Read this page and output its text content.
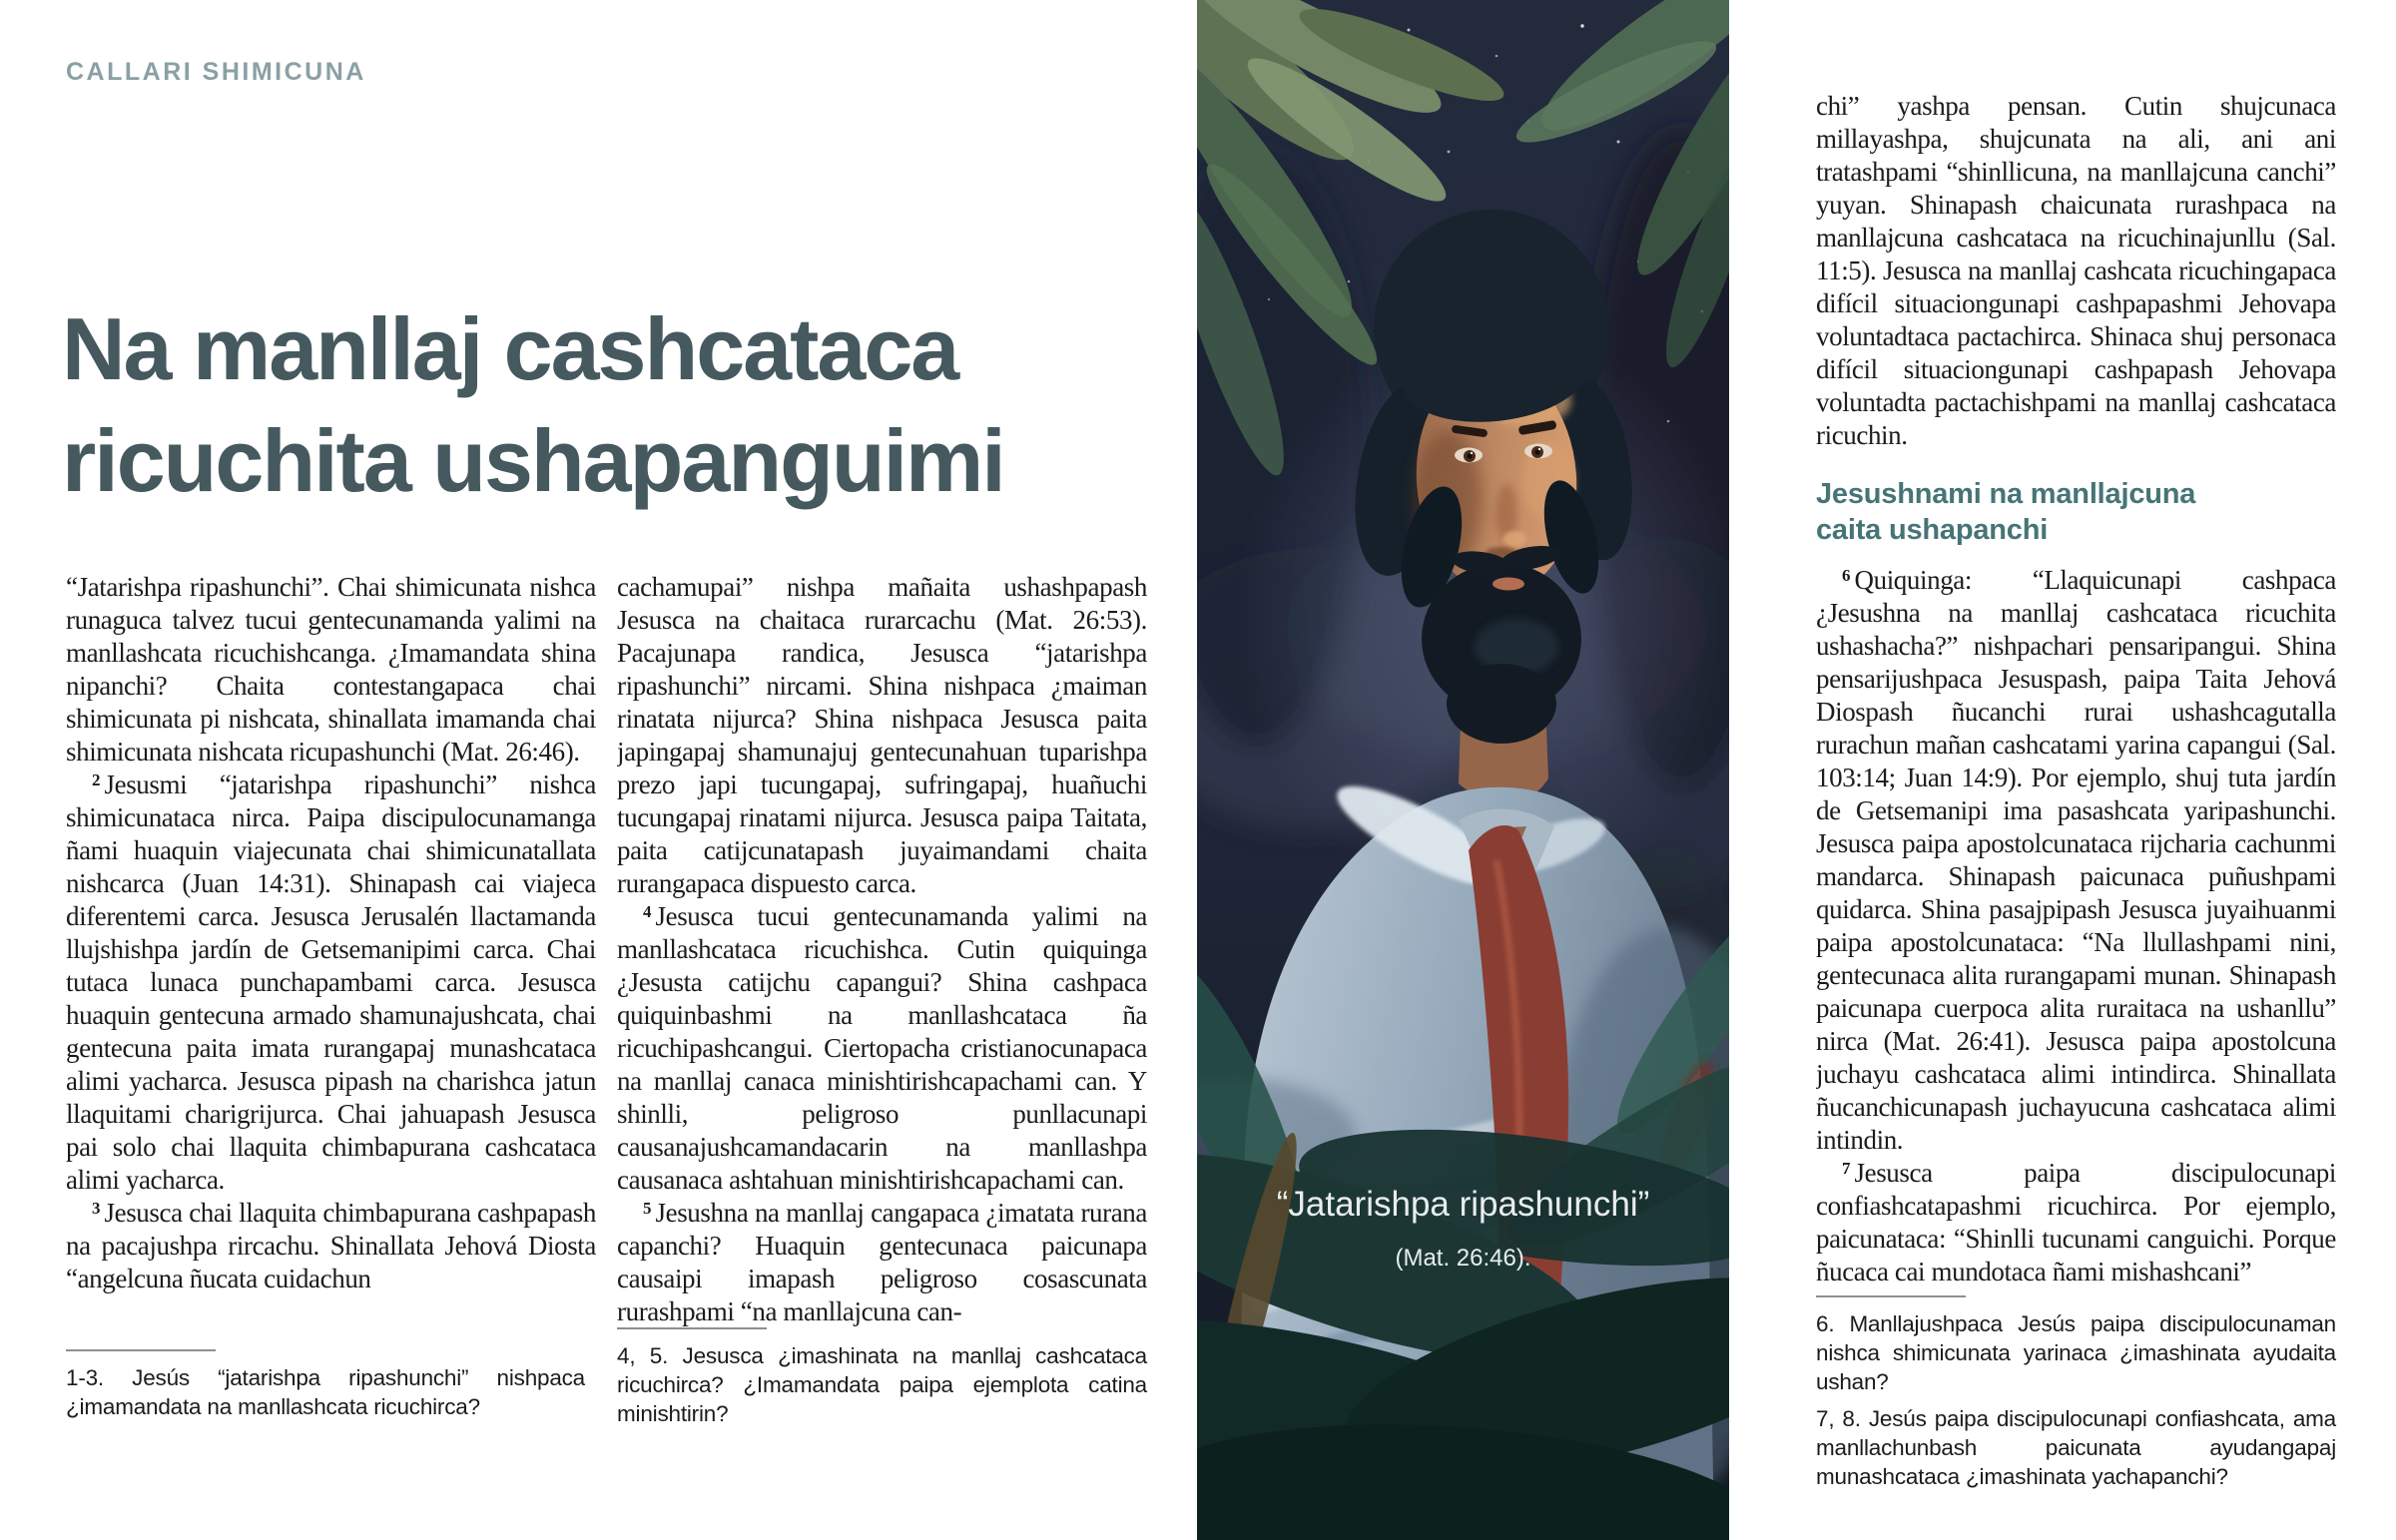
CALLARI SHIMICUNA
Na manllaj cashcataca
ricuchita ushapanguimi

“Jatarishpa ripashunchi”. Chai shimicunata nishca runaguca talvez tucui gentecunamanda yalimi na manllashcata ricuchishcanga. ¿Imamandata shina nipanchi? Chaita contestangapaca chai shimicunata pi nishcata, shinallata imamanda chai shimicunata nishcata ricupashunchi (Mat. 26:46).

$^2$ Jesusmi “jatarishpa ripashunchi” nishca shimicunataca nirca. Paipa discipulocunamanga ñami huaquin viajecunata chai shimicunatallata nishcarca (Juan 14:31). Shinapash cai viajeca diferentemi carca. Jesusca Jerusalén llactamanda llujshishpa jardín de Getsemanipimi carca. Chai tutaca lunaca punchapambami carca. Jesusca huaquin gentecuna armado shamunajushcata, chai gentecuna paita imata rurangapaj munashcataca alimi yacharca. Jesusca pipash na charishca jatun llaquitami charigrijurca. Chai jahuapash Jesusca pai solo chai llaquita chimbapurana cashcataca alimi yacharca.

$^3$ Jesusca chai llaquita chimbapurana cashpapash na pacajushpa rircachu. Shinallata Jehová Diosta “angelcuna ñucata cuidachun

1-3. Jesús “jatarishpa ripashunchi” nishpaca ¿imamandata na manllashcata ricuchirca?

cachamupai” nishpa mañaita ushashpapash Jesusca na chaitaca rurarcachu (Mat. 26:53). Pacajunapa randica, Jesusca “jatarishpa ripashunchi” nircami. Shina nishpaca ¿maiman rinatata nijurca? Shina nishpaca Jesusca paita japingapaj shamunajuj gentecunahuan tuparishpa prezo japi tucungapaj, sufringapaj, huañuchi tucungapaj rinatami nijurca. Jesusca paipa Taitata, paita catijcunatapash juyaimandami chaita rurangapaca dispuesto carca.

$^4$ Jesusca tucui gentecunamanda yalimi na manllashcataca ricuchishca. Cutin quiquinga ¿Jesusta catijchu capangui? Shina cashpaca quiquinbashmi na manllashcataca ña ricuchipashcangui. Ciertopacha cristianocunapaca na manllaj canaca minishtirishcapachami can. Y shinlli, peligroso punllacunapi causanajushcamandacarin na manllashpa causanaca ashtahuan minishtirishcapachami can.

$^5$ Jesushna na manllaj cangapaca ¿imatata rurana capanchi? Huaquin gentecunaca paicunapa causaipi imapash peligroso cosascunata rurashpami “na manllajcuna can-

4, 5. Jesusca ¿imashinata na manllaj cashcataca ricuchirca? ¿Imamandata paipa ejemplota catina minishtirin?

“Jatarishpa ripashunchi”
(Mat. 26:46).

chi” yashpa pensan. Cutin shujcunaca millayashpa, shujcunata na ali, ani ani tratashpami “shinllicuna, na manllajcuna canchi” yuyan. Shinapash chaicunata rurashpaca na manllajcuna cashcataca na ricuchinajunllu (Sal. 11:5). Jesusca na manllaj cashcata ricuchingapaca difícil situaciongunapi cashpapashmi Jehovapa voluntadtaca pactachirca. Shinaca shuj personaca difícil situaciongunapi cashpapash Jehovapa voluntadta pactachishpami na manllaj cashcataca ricuchin.

Jesushnami na manllajcuna caita ushapanchi

$^6$ Quiquinga: “Llaquicunapi cashpaca ¿Jesushna na manllaj cashcataca ricuchita ushashacha?” nishpachari pensaripangui. Shina pensarijushpaca Jesuspash, paipa Taita Jehová Diospash ñucanchi rurai ushashcagutalla rurachun mañan cashcatami yarina capangui (Sal. 103:14; Juan 14:9). Por ejemplo, shuj tuta jardín de Getsemanipi ima pasashcata yaripashunchi. Jesusca paipa apostolcunataca rijcharia cachunmi mandarca. Shinapash paicunaca puñushpami quidarca. Shina pasajpipash Jesusca juyaihuanmi paipa apostolcunataca: “Na llullashpami nini, gentecunaca alita rurangapami munan. Shinapash paicunapa cuerpoca alita ruraitaca na ushanllu” nirca (Mat. 26:41). Jesusca paipa apostolcuna juchayu cashcataca alimi intindirca. Shinallata ñucanchicunapash juchayucuna cashcataca alimi intindin.

$^7$ Jesusca paipa discipulocunapi confiashcatapashmi ricuchirca. Por ejemplo, paicunataca: “Shinlli tucunami canguichi. Porque ñucaca cai mundotaca ñami mishashcani”

6. Manllajushpaca Jesús paipa discipulocunaman nishca shimicunata yarinaca ¿imashinata ayudaita ushan?

7, 8. Jesús paipa discipulocunapi confiashcata, ama manllachunbash paicunata ayudangapaj munashcataca ¿imashinata yachapanchi?
